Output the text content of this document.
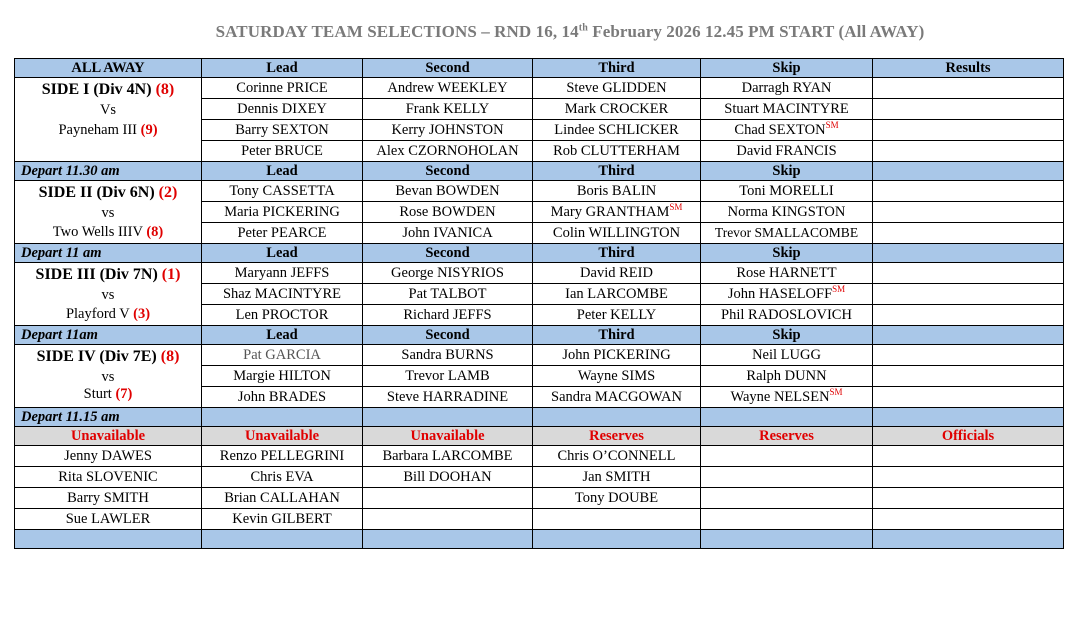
SATURDAY TEAM SELECTIONS – RND 16, 14th February 2026 12.45 PM START (All AWAY)
ALL AWAY	Lead	Second	Third	Skip	Results

SIDE I (Div 4N) (8)
Vs
Payneham III (9)	Corinne PRICE	Andrew WEEKLEY	Steve GLIDDEN	Darragh RYAN	
	Dennis DIXEY	Frank KELLY	Mark CROCKER	Stuart MACINTYRE	
	Barry SEXTON	Kerry JOHNSTON	Lindee SCHLICKER	Chad SEXTON℠	
	Peter BRUCE	Alex CZORNOHOLAN	Rob CLUTTERHAM	David FRANCIS	
Depart 11.30 am	Lead	Second	Third	Skip	

SIDE II (Div 6N) (2)
vs
Two Wells IIIV (8)	Tony CASSETTA	Bevan BOWDEN	Boris BALIN	Toni MORELLI	
	Maria PICKERING	Rose BOWDEN	Mary GRANTHAM℠	Norma KINGSTON	
	Peter PEARCE	John IVANICA	Colin WILLINGTON	Trevor SMALLACOMBE	
Depart 11 am	Lead	Second	Third	Skip	

SIDE III (Div 7N) (1)
vs
Playford V (3)	Maryann JEFFS	George NISYRIOS	David REID	Rose HARNETT	
	Shaz MACINTYRE	Pat TALBOT	Ian LARCOMBE	John HASELOFF℠	
	Len PROCTOR	Richard JEFFS	Peter KELLY	Phil RADOSLOVICH	
Depart 11am	Lead	Second	Third	Skip	

SIDE IV (Div 7E) (8)
vs
Sturt (7)	Pat GARCIA	Sandra BURNS	John PICKERING	Neil LUGG	
	Margie HILTON	Trevor LAMB	Wayne SIMS	Ralph DUNN	
	John BRADES	Steve HARRADINE	Sandra MACGOWAN	Wayne NELSEN℠	
Depart 11.15 am					
Unavailable	Unavailable	Unavailable	Reserves	Reserves	Officials
Jenny DAWES	Renzo PELLEGRINI	Barbara LARCOMBE	Chris O’CONNELL		
Rita SLOVENIC	Chris EVA	Bill DOOHAN	Jan SMITH		
Barry SMITH	Brian CALLAHAN		Tony DOUBE		
Sue LAWLER	Kevin GILBERT				
